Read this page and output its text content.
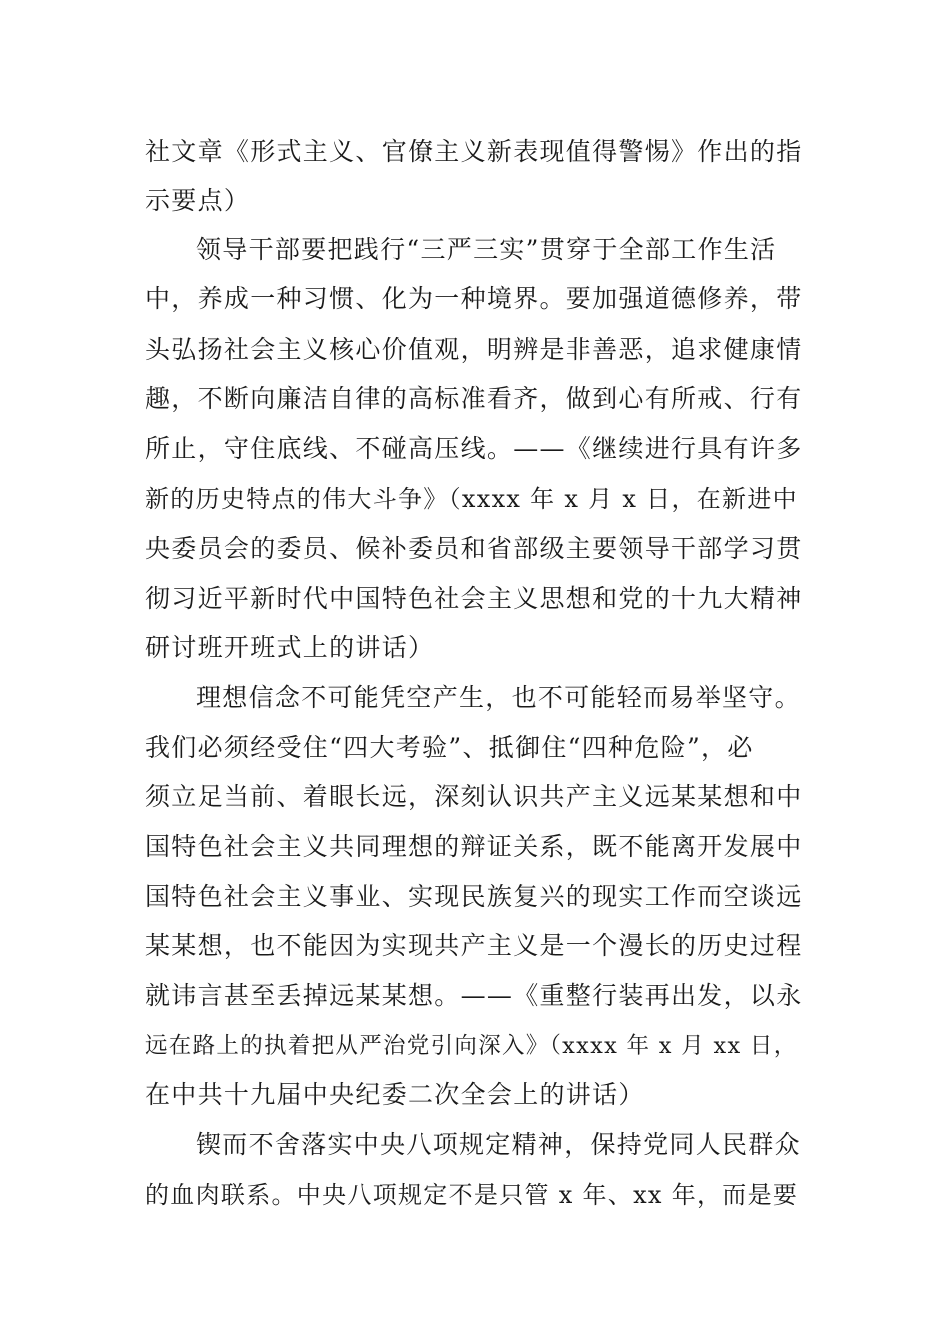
社文章《形式主义、官僚主义新表现值得警惕》作出的指

示要点）

领导干部要把践行“三严三实”贯穿于全部工作生活

中，养成一种习惯、化为一种境界。要加强道德修养，带

头弘扬社会主义核心价值观，明辨是非善恶，追求健康情

趣，不断向廉洁自律的高标准看齐，做到心有所戒、行有

所止，守住底线、不碰高压线。——《继续进行具有许多

新的历史特点的伟大斗争》（xxxx 年 x 月 x 日，在新进中

央委员会的委员、候补委员和省部级主要领导干部学习贯

彻习近平新时代中国特色社会主义思想和党的十九大精神

研讨班开班式上的讲话）

理想信念不可能凭空产生，也不可能轻而易举坚守。

我们必须经受住“四大考验”、抵御住“四种危险”，必

须立足当前、着眼长远，深刻认识共产主义远某某想和中

国特色社会主义共同理想的辩证关系，既不能离开发展中

国特色社会主义事业、实现民族复兴的现实工作而空谈远

某某想，也不能因为实现共产主义是一个漫长的历史过程

就讳言甚至丢掉远某某想。——《重整行装再出发，以永

远在路上的执着把从严治党引向深入》（xxxx 年 x 月 xx 日，

在中共十九届中央纪委二次全会上的讲话）

锲而不舍落实中央八项规定精神，保持党同人民群众

的血肉联系。中央八项规定不是只管 x 年、xx 年，而是要
